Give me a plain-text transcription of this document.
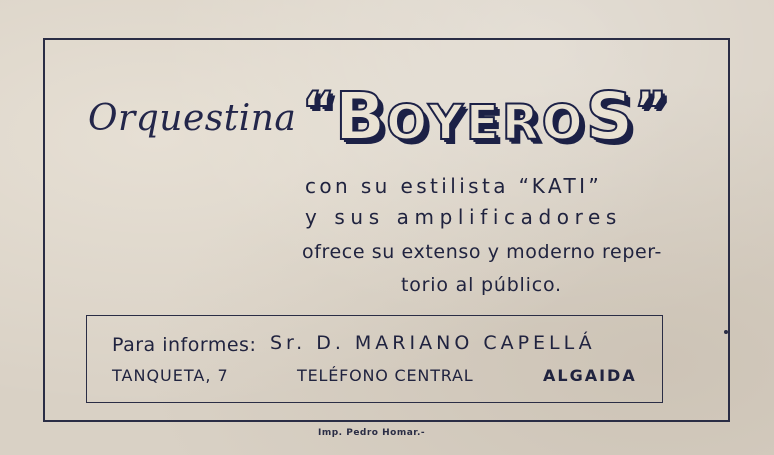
Orquestina “ B OYERO S ”
con su estilista “KATI”
y sus amplificadores
ofrece su extenso y moderno reper-
torio al público.
Para informes: Sr. D. MARIANO CAPELLÁ
TANQUETA, 7	TELÉFONO CENTRAL	ALGAIDA
Imp. Pedro Homar.-
